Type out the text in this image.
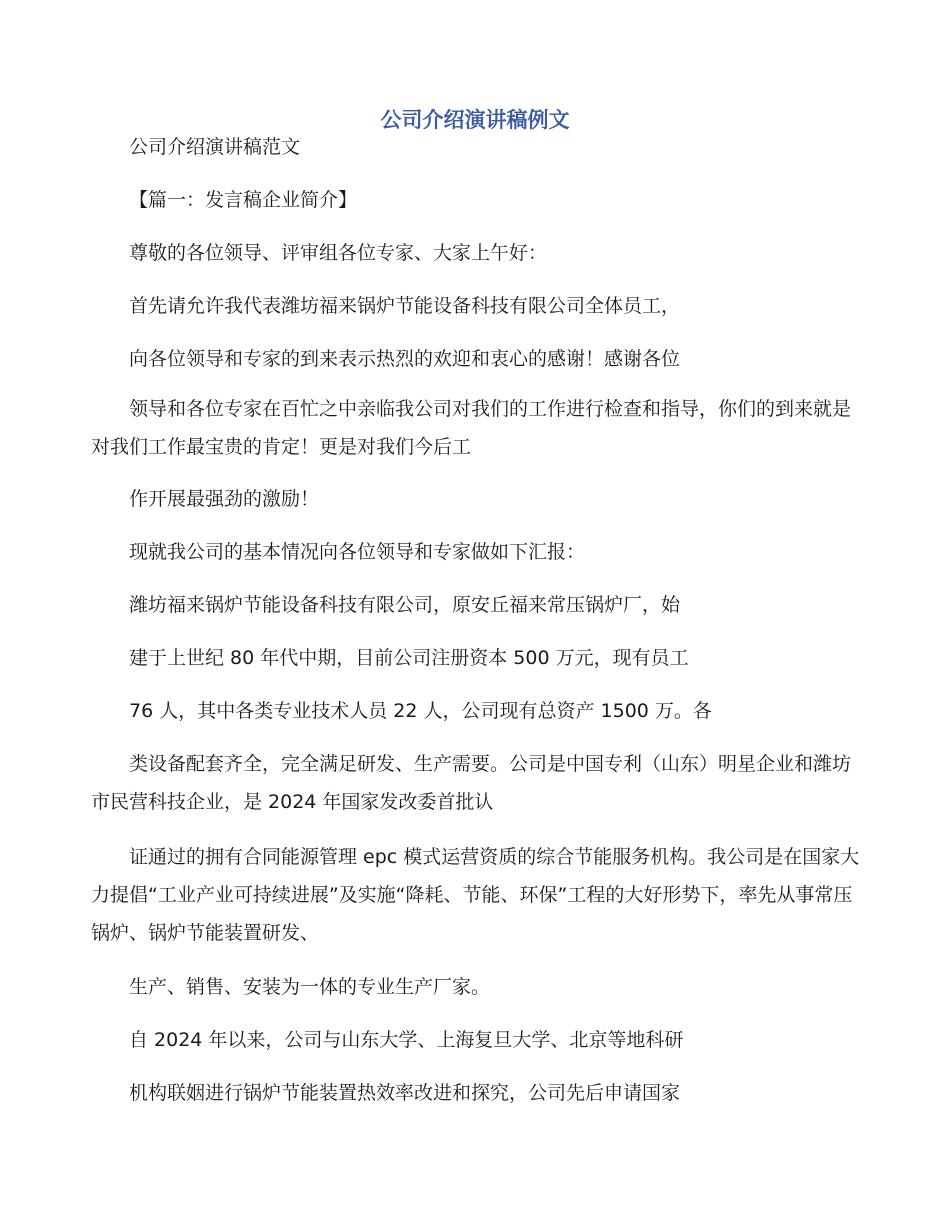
公司介绍演讲稿例文

公司介绍演讲稿范文

【篇一：发言稿企业简介】

尊敬的各位领导、评审组各位专家、大家上午好：

首先请允许我代表潍坊福来锅炉节能设备科技有限公司全体员工，

向各位领导和专家的到来表示热烈的欢迎和衷心的感谢！感谢各位

领导和各位专家在百忙之中亲临我公司对我们的工作进行检查和指导，你们的到来就是对我们工作最宝贵的肯定！更是对我们今后工

作开展最强劲的激励！

现就我公司的基本情况向各位领导和专家做如下汇报：

潍坊福来锅炉节能设备科技有限公司，原安丘福来常压锅炉厂，始

建于上世纪 80 年代中期，目前公司注册资本 500 万元，现有员工

76 人，其中各类专业技术人员 22 人，公司现有总资产 1500 万。各

类设备配套齐全，完全满足研发、生产需要。公司是中国专利（山东）明星企业和潍坊市民营科技企业，是 2024 年国家发改委首批认

证通过的拥有合同能源管理 epc 模式运营资质的综合节能服务机构。我公司是在国家大力提倡“工业产业可持续进展”及实施“降耗、节能、环保”工程的大好形势下，率先从事常压锅炉、锅炉节能装置研发、

生产、销售、安装为一体的专业生产厂家。

自 2024 年以来，公司与山东大学、上海复旦大学、北京等地科研

机构联姻进行锅炉节能装置热效率改进和探究，公司先后申请国家
